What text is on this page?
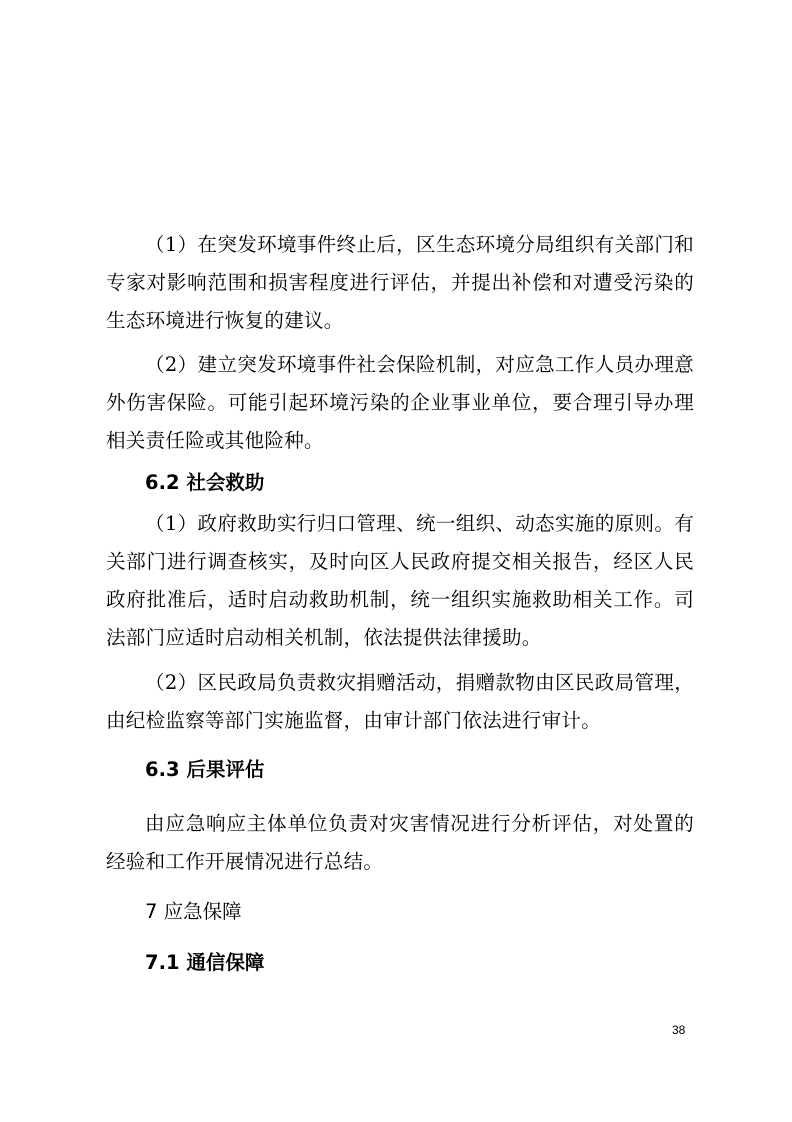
（1）在突发环境事件终止后，区生态环境分局组织有关部门和专家对影响范围和损害程度进行评估，并提出补偿和对遭受污染的生态环境进行恢复的建议。

（2）建立突发环境事件社会保险机制，对应急工作人员办理意外伤害保险。可能引起环境污染的企业事业单位，要合理引导办理相关责任险或其他险种。

6.2 社会救助

（1）政府救助实行归口管理、统一组织、动态实施的原则。有关部门进行调查核实，及时向区人民政府提交相关报告，经区人民政府批准后，适时启动救助机制，统一组织实施救助相关工作。司法部门应适时启动相关机制，依法提供法律援助。

（2）区民政局负责救灾捐赠活动，捐赠款物由区民政局管理，由纪检监察等部门实施监督，由审计部门依法进行审计。

6.3 后果评估

由应急响应主体单位负责对灾害情况进行分析评估，对处置的经验和工作开展情况进行总结。

7 应急保障

7.1 通信保障

38
